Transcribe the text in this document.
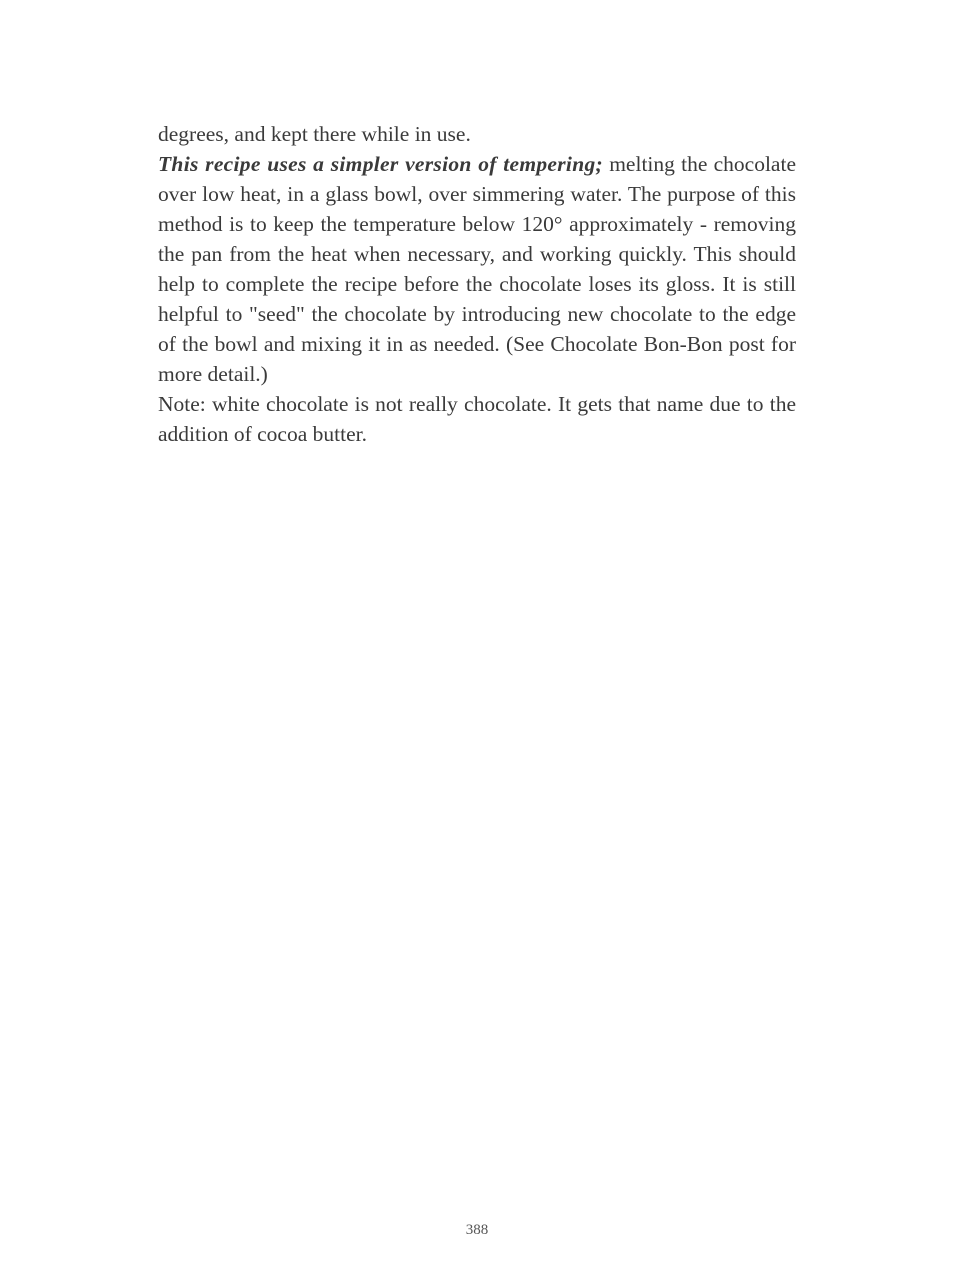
degrees, and kept there while in use.

This recipe uses a simpler version of tempering; melting the chocolate over low heat, in a glass bowl, over simmering water. The purpose of this method is to keep the temperature below 120° approximately - removing the pan from the heat when necessary, and working quickly. This should help to complete the recipe before the chocolate loses its gloss. It is still helpful to "seed" the chocolate by introducing new chocolate to the edge of the bowl and mixing it in as needed. (See Chocolate Bon-Bon post for more detail.)

Note: white chocolate is not really chocolate. It gets that name due to the addition of cocoa butter.

388
